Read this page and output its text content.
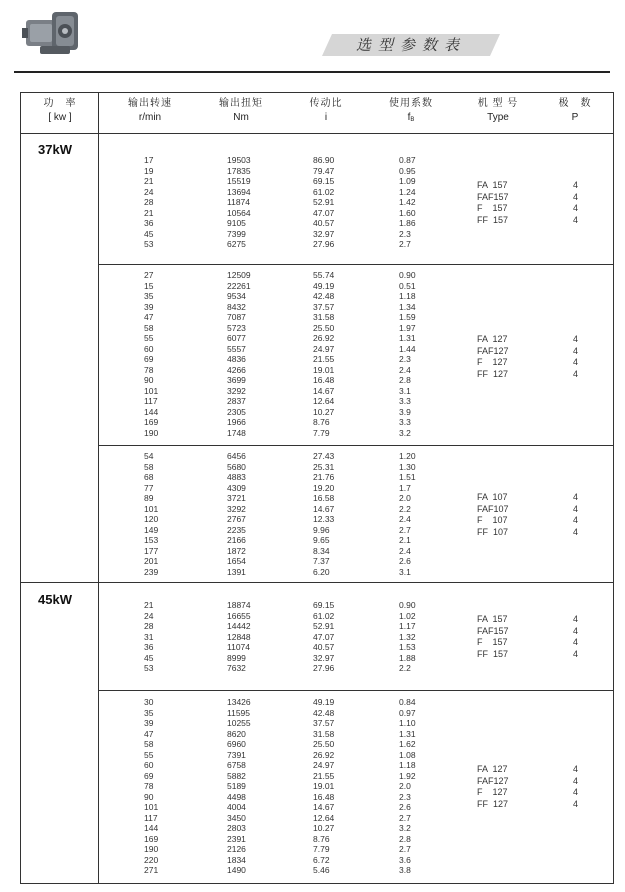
选型参数表
功　率
[ kw ]
输出转速
r/min
输出扭矩
Nm
传动比
i
使用系数
fB
机 型 号
Type
极　数
P
37kW
45kW
17
19
21
24
28
21
36
45
53
19503
17835
15519
13694
11874
10564
9105
7399
6275
86.90
79.47
69.15
61.02
52.91
47.07
40.57
32.97
27.96
0.87
0.95
1.09
1.24
1.42
1.60
1.86
2.3
2.7
FA  157
FAF157
F    157
FF  157
4
4
4
4
27
15
35
39
47
58
55
60
69
78
90
101
117
144
169
190
12509
22261
9534
8432
7087
5723
6077
5557
4836
4266
3699
3292
2837
2305
1966
1748
55.74
49.19
42.48
37.57
31.58
25.50
26.92
24.97
21.55
19.01
16.48
14.67
12.64
10.27
8.76
7.79
0.90
0.51
1.18
1.34
1.59
1.97
1.31
1.44
2.3
2.4
2.8
3.1
3.3
3.9
3.3
3.2
FA  127
FAF127
F    127
FF  127
4
4
4
4
54
58
68
77
89
101
120
149
153
177
201
239
6456
5680
4883
4309
3721
3292
2767
2235
2166
1872
1654
1391
27.43
25.31
21.76
19.20
16.58
14.67
12.33
9.96
9.65
8.34
7.37
6.20
1.20
1.30
1.51
1.7
2.0
2.2
2.4
2.7
2.1
2.4
2.6
3.1
FA  107
FAF107
F    107
FF  107
4
4
4
4
21
24
28
31
36
45
53
18874
16655
14442
12848
11074
8999
7632
69.15
61.02
52.91
47.07
40.57
32.97
27.96
0.90
1.02
1.17
1.32
1.53
1.88
2.2
FA  157
FAF157
F    157
FF  157
4
4
4
4
30
35
39
47
58
55
60
69
78
90
101
117
144
169
190
220
271
13426
11595
10255
8620
6960
7391
6758
5882
5189
4498
4004
3450
2803
2391
2126
1834
1490
49.19
42.48
37.57
31.58
25.50
26.92
24.97
21.55
19.01
16.48
14.67
12.64
10.27
8.76
7.79
6.72
5.46
0.84
0.97
1.10
1.31
1.62
1.08
1.18
1.92
2.0
2.3
2.6
2.7
3.2
2.8
2.7
3.6
3.8
FA  127
FAF127
F    127
FF  127
4
4
4
4
